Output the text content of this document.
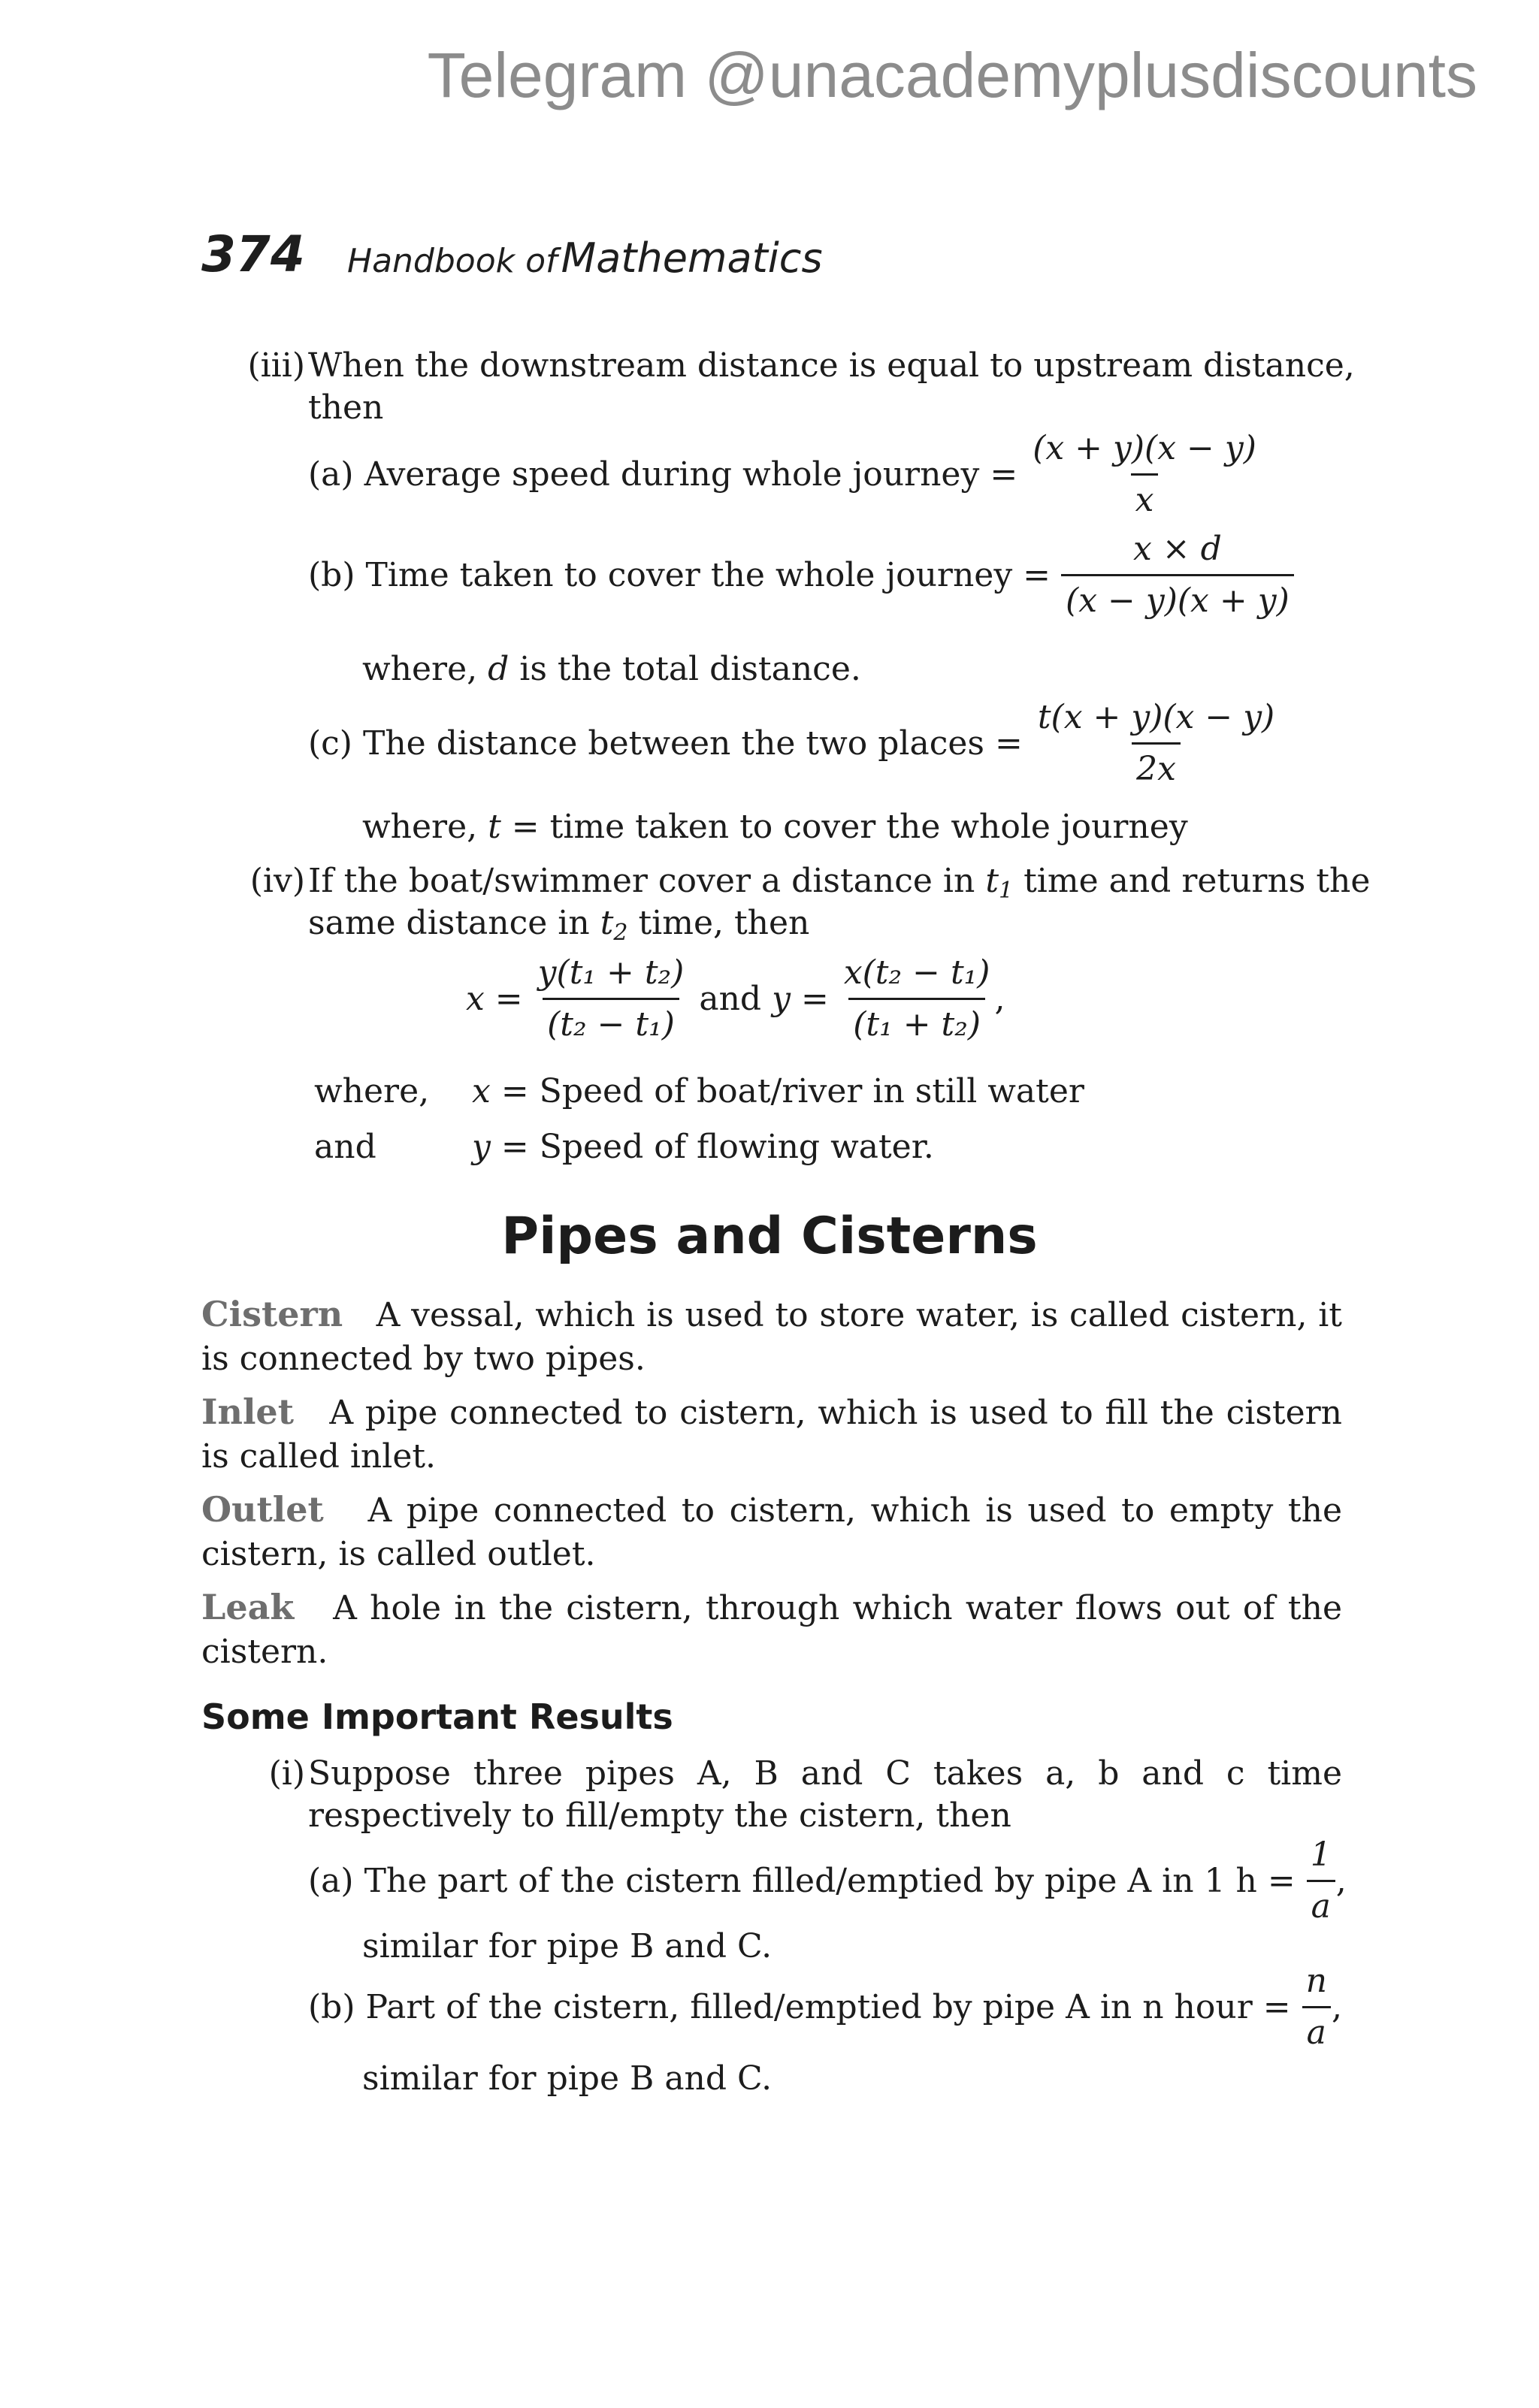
Telegram @unacademyplusdiscounts
374 Handbook of Mathematics
(iii) When the downstream distance is equal to upstream distance,
then
(a)
Average speed during whole journey =
$\frac{(x + y)(x - y)}{x}$
(b)
Time taken to cover the whole journey =
$\frac{x \times d}{(x - y)(x + y)}$
where, d is the total distance.
(c)
The distance between the two places =
$\frac{t(x + y)(x - y)}{2x}$
where, t = time taken to cover the whole journey
(iv) If the boat/swimmer cover a distance in $t_1$ time and returns the
same distance in $t_2$ time, then
x =
$\frac{\text{y(t₁ + t₂)}}{\text{(t₂ − t₁)}}$
and
y =
$\frac{\text{x(t₂ − t₁)}}{\text{(t₁ + t₂)}}$ ,
where, x = Speed of boat/river in still water
and	y = Speed of flowing water.
Pipes and Cisterns
Cistern A vessal, which is used to store water, is called cistern, it is connected by two pipes.
Inlet A pipe connected to cistern, which is used to fill the cistern is called inlet.
Outlet A pipe connected to cistern, which is used to empty the cistern, is called outlet.
Leak A hole in the cistern, through which water flows out of the cistern.
Some Important Results
(i) Suppose three pipes A, B and C takes a, b and c time
respectively to fill/empty the cistern, then
(a)
The part of the cistern filled/emptied by pipe A in 1 h =
$\frac{1}{a}$ ,
similar for pipe B and C.
(b)
Part of the cistern, filled/emptied by pipe A in n hour =
$\frac{n}{a}$ ,
similar for pipe B and C.
